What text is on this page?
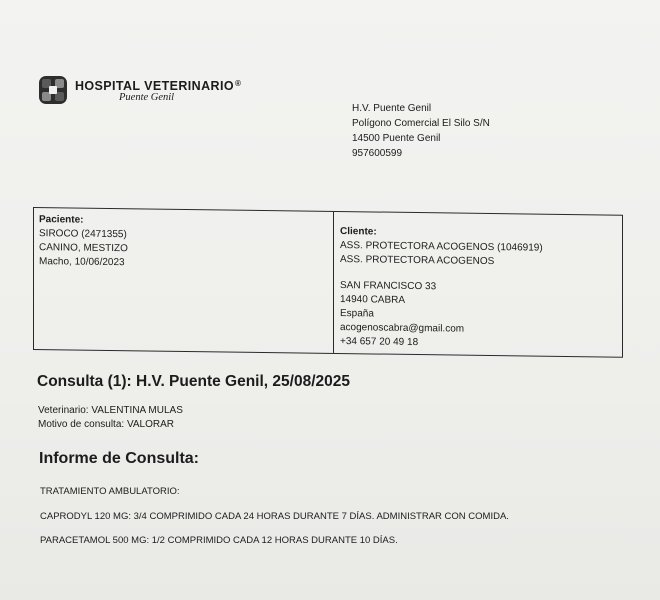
HOSPITAL VETERINARIO®
Puente Genil
H.V. Puente Genil
Polígono Comercial El Silo S/N
14500 Puente Genil
957600599
Paciente:
SIROCO (2471355)
CANINO, MESTIZO
Macho, 10/06/2023
Cliente:
ASS. PROTECTORA ACOGENOS (1046919)
ASS. PROTECTORA ACOGENOS
SAN FRANCISCO 33
14940 CABRA
España
acogenoscabra@gmail.com
+34 657 20 49 18
Consulta (1): H.V. Puente Genil, 25/08/2025
Veterinario: VALENTINA MULAS
Motivo de consulta: VALORAR
Informe de Consulta:
TRATAMIENTO AMBULATORIO:
CAPRODYL 120 MG: 3/4 COMPRIMIDO CADA 24 HORAS DURANTE 7 DÍAS. ADMINISTRAR CON COMIDA.
PARACETAMOL 500 MG: 1/2 COMPRIMIDO CADA 12 HORAS DURANTE 10 DÍAS.
